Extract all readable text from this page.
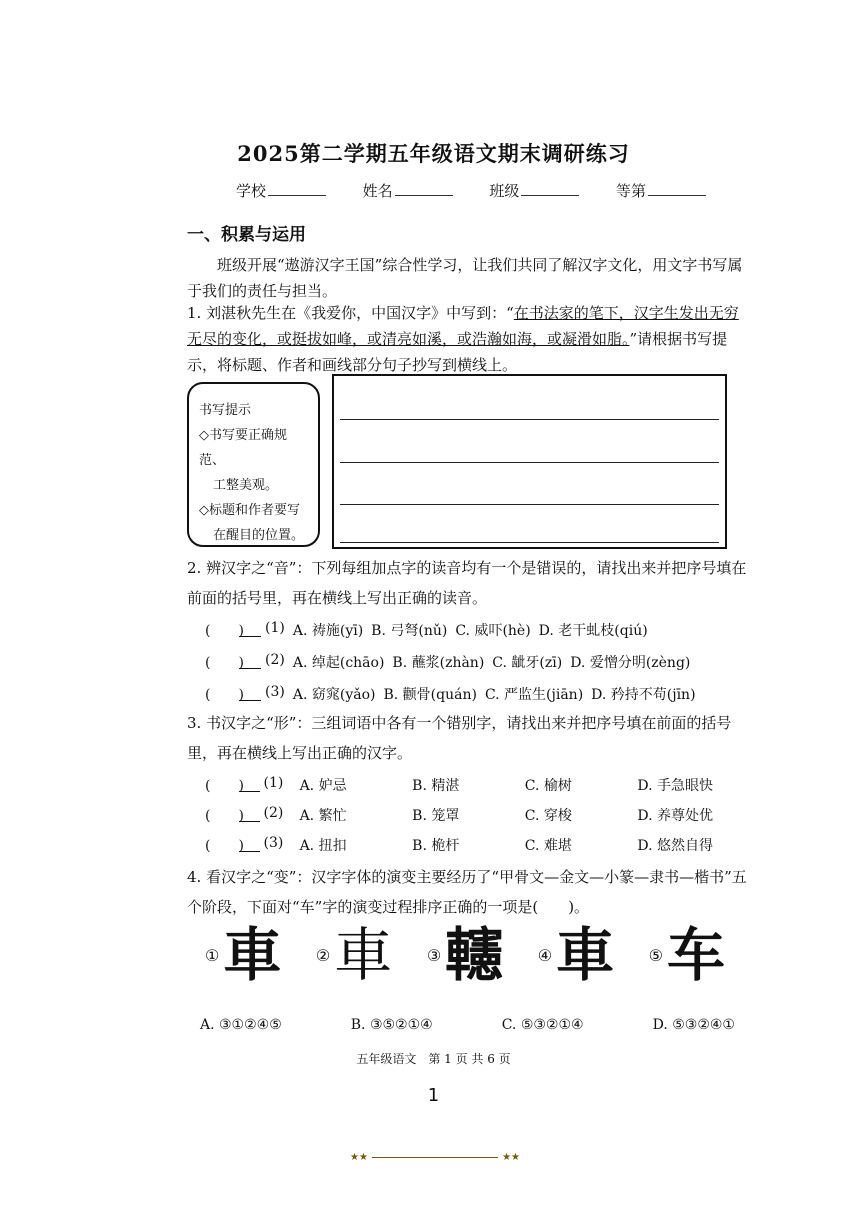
2025第二学期五年级语文期末调研练习
学校	姓名	班级	等第
一、积累与运用
班级开展“遨游汉字王国”综合性学习，让我们共同了解汉字文化，用文字书写属于我们的责任与担当。
1. 刘湛秋先生在《我爱你，中国汉字》中写到：“在书法家的笔下，汉字生发出无穷无尽的变化，或挺拔如峰，或清亮如溪，或浩瀚如海，或凝滑如脂。”请根据书写提示，将标题、作者和画线部分句子抄写到横线上。
书写提示
◇书写要正确规范、
工整美观。
◇标题和作者要写
在醒目的位置。
2. 辨汉字之“音”：下列每组加点字的读音均有一个是错误的，请找出来并把序号填在前面的括号里，再在横线上写出正确的读音。
(　　) (1) A. 祷施(yī) B. 弓弩(nǔ) C. 威吓(hè) D. 老干虬枝(qiú)
(　　) (2) A. 绰起(chāo) B. 蘸浆(zhàn) C. 龇牙(zī) D. 爱憎分明(zèng)
(　　) (3) A. 窈窕(yǎo) B. 颧骨(quán) C. 严监生(jiān) D. 矜持不苟(jīn)
3. 书汉字之“形”：三组词语中各有一个错别字，请找出来并把序号填在前面的括号里，再在横线上写出正确的汉字。
(　　) (1)	A. 妒忌	B. 精湛	C. 榆树	D. 手急眼快
(　　) (2)	A. 繁忙	B. 笼罩	C. 穿梭	D. 养尊处优
(　　) (3)	A. 扭扣	B. 桅杆	C. 难堪	D. 悠然自得
4. 看汉字之“变”：汉字字体的演变主要经历了“甲骨文—金文—小篆—隶书—楷书”五个阶段，下面对“车”字的演变过程排序正确的一项是(　　)。
① 車 ② 車 ③ 𨏥 ④ 車 ⑤ 车
A. ③①②④⑤	B. ③⑤②①④	C. ⑤③②①④	D. ⑤③②④①
五年级语文　第 1 页 共 6 页
1
★★	★★
